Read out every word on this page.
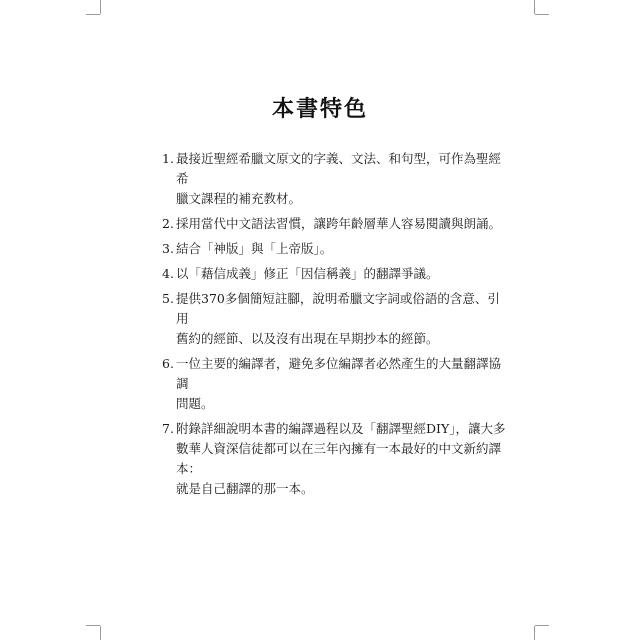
本書特色
1. 最接近聖經希臘文原文的字義、文法、和句型，可作為聖經希
臘文課程的補充教材。
2. 採用當代中文語法習慣，讓跨年齡層華人容易閱讀與朗誦。
3. 結合「神版」與「上帝版」。
4. 以「藉信成義」修正「因信稱義」的翻譯爭議。
5. 提供370多個簡短註腳，說明希臘文字詞或俗語的含意、引用
舊約的經節、以及沒有出現在早期抄本的經節。
6. 一位主要的編譯者，避免多位編譯者必然產生的大量翻譯協調
問題。
7. 附錄詳細說明本書的編譯過程以及「翻譯聖經DIY」，讓大多
數華人資深信徒都可以在三年內擁有一本最好的中文新約譯本：
就是自己翻譯的那一本。
